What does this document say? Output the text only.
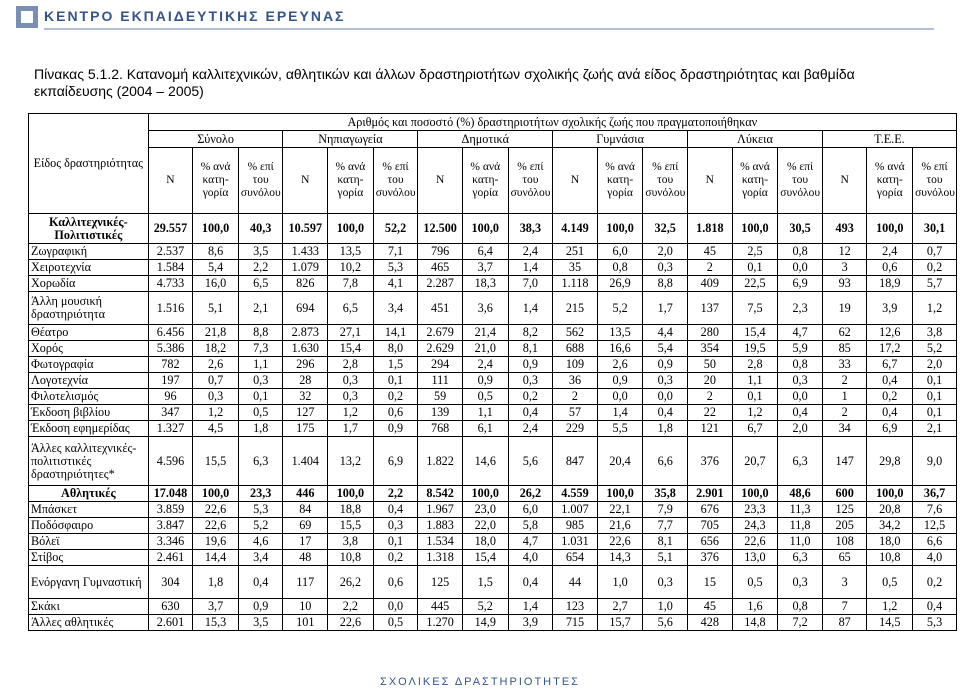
ΚΕΝΤΡΟ ΕΚΠΑΙΔΕΥΤΙΚΗΣ ΕΡΕΥΝΑΣ
Πίνακας 5.1.2. Κατανομή καλλιτεχνικών, αθλητικών και άλλων δραστηριοτήτων σχολικής ζωής ανά είδος δραστηριότητας και βαθμίδα εκπαίδευσης (2004 – 2005)
Είδος δραστηριότητας	Αριθμός και ποσοστό (%) δραστηριοτήτων σχολικής ζωής που πραγματοποιήθηκαν																	
	Σύνολο			Νηπιαγωγεία			Δημοτικά			Γυμνάσια			Λύκεια			Τ.Ε.Ε.		
	N	% ανά κατη- γορία	% επί του συνόλου	N	% ανά κατη- γορία	% επί του συνόλου	N	% ανά κατη- γορία	% επί του συνόλου	N	% ανά κατη- γορία	% επί του συνόλου	N	% ανά κατη- γορία	% επί του συνόλου	N	% ανά κατη- γορία	% επί του συνόλου
Καλλιτεχνικές- Πολιτιστικές	29.557	100,0	40,3	10.597	100,0	52,2	12.500	100,0	38,3	4.149	100,0	32,5	1.818	100,0	30,5	493	100,0	30,1
Ζωγραφική	2.537	8,6	3,5	1.433	13,5	7,1	796	6,4	2,4	251	6,0	2,0	45	2,5	0,8	12	2,4	0,7
Χειροτεχνία	1.584	5,4	2,2	1.079	10,2	5,3	465	3,7	1,4	35	0,8	0,3	2	0,1	0,0	3	0,6	0,2
Χορωδία	4.733	16,0	6,5	826	7,8	4,1	2.287	18,3	7,0	1.118	26,9	8,8	409	22,5	6,9	93	18,9	5,7
Άλλη μουσική δραστηριότητα	1.516	5,1	2,1	694	6,5	3,4	451	3,6	1,4	215	5,2	1,7	137	7,5	2,3	19	3,9	1,2
Θέατρο	6.456	21,8	8,8	2.873	27,1	14,1	2.679	21,4	8,2	562	13,5	4,4	280	15,4	4,7	62	12,6	3,8
Χορός	5.386	18,2	7,3	1.630	15,4	8,0	2.629	21,0	8,1	688	16,6	5,4	354	19,5	5,9	85	17,2	5,2
Φωτογραφία	782	2,6	1,1	296	2,8	1,5	294	2,4	0,9	109	2,6	0,9	50	2,8	0,8	33	6,7	2,0
Λογοτεχνία	197	0,7	0,3	28	0,3	0,1	111	0,9	0,3	36	0,9	0,3	20	1,1	0,3	2	0,4	0,1
Φιλοτελισμός	96	0,3	0,1	32	0,3	0,2	59	0,5	0,2	2	0,0	0,0	2	0,1	0,0	1	0,2	0,1
Έκδοση βιβλίου	347	1,2	0,5	127	1,2	0,6	139	1,1	0,4	57	1,4	0,4	22	1,2	0,4	2	0,4	0,1
Έκδοση εφημερίδας	1.327	4,5	1,8	175	1,7	0,9	768	6,1	2,4	229	5,5	1,8	121	6,7	2,0	34	6,9	2,1
Άλλες καλλιτεχνικές- πολιτιστικές δραστηριότητες*	4.596	15,5	6,3	1.404	13,2	6,9	1.822	14,6	5,6	847	20,4	6,6	376	20,7	6,3	147	29,8	9,0
Αθλητικές	17.048	100,0	23,3	446	100,0	2,2	8.542	100,0	26,2	4.559	100,0	35,8	2.901	100,0	48,6	600	100,0	36,7
Μπάσκετ	3.859	22,6	5,3	84	18,8	0,4	1.967	23,0	6,0	1.007	22,1	7,9	676	23,3	11,3	125	20,8	7,6
Ποδόσφαιρο	3.847	22,6	5,2	69	15,5	0,3	1.883	22,0	5,8	985	21,6	7,7	705	24,3	11,8	205	34,2	12,5
Βόλεϊ	3.346	19,6	4,6	17	3,8	0,1	1.534	18,0	4,7	1.031	22,6	8,1	656	22,6	11,0	108	18,0	6,6
Στίβος	2.461	14,4	3,4	48	10,8	0,2	1.318	15,4	4,0	654	14,3	5,1	376	13,0	6,3	65	10,8	4,0
Ενόργανη Γυμναστική	304	1,8	0,4	117	26,2	0,6	125	1,5	0,4	44	1,0	0,3	15	0,5	0,3	3	0,5	0,2
Σκάκι	630	3,7	0,9	10	2,2	0,0	445	5,2	1,4	123	2,7	1,0	45	1,6	0,8	7	1,2	0,4
Άλλες αθλητικές	2.601	15,3	3,5	101	22,6	0,5	1.270	14,9	3,9	715	15,7	5,6	428	14,8	7,2	87	14,5	5,3
ΣΧΟΛΙΚΕΣ ΔΡΑΣΤΗΡΙΟΤΗΤΕΣ
